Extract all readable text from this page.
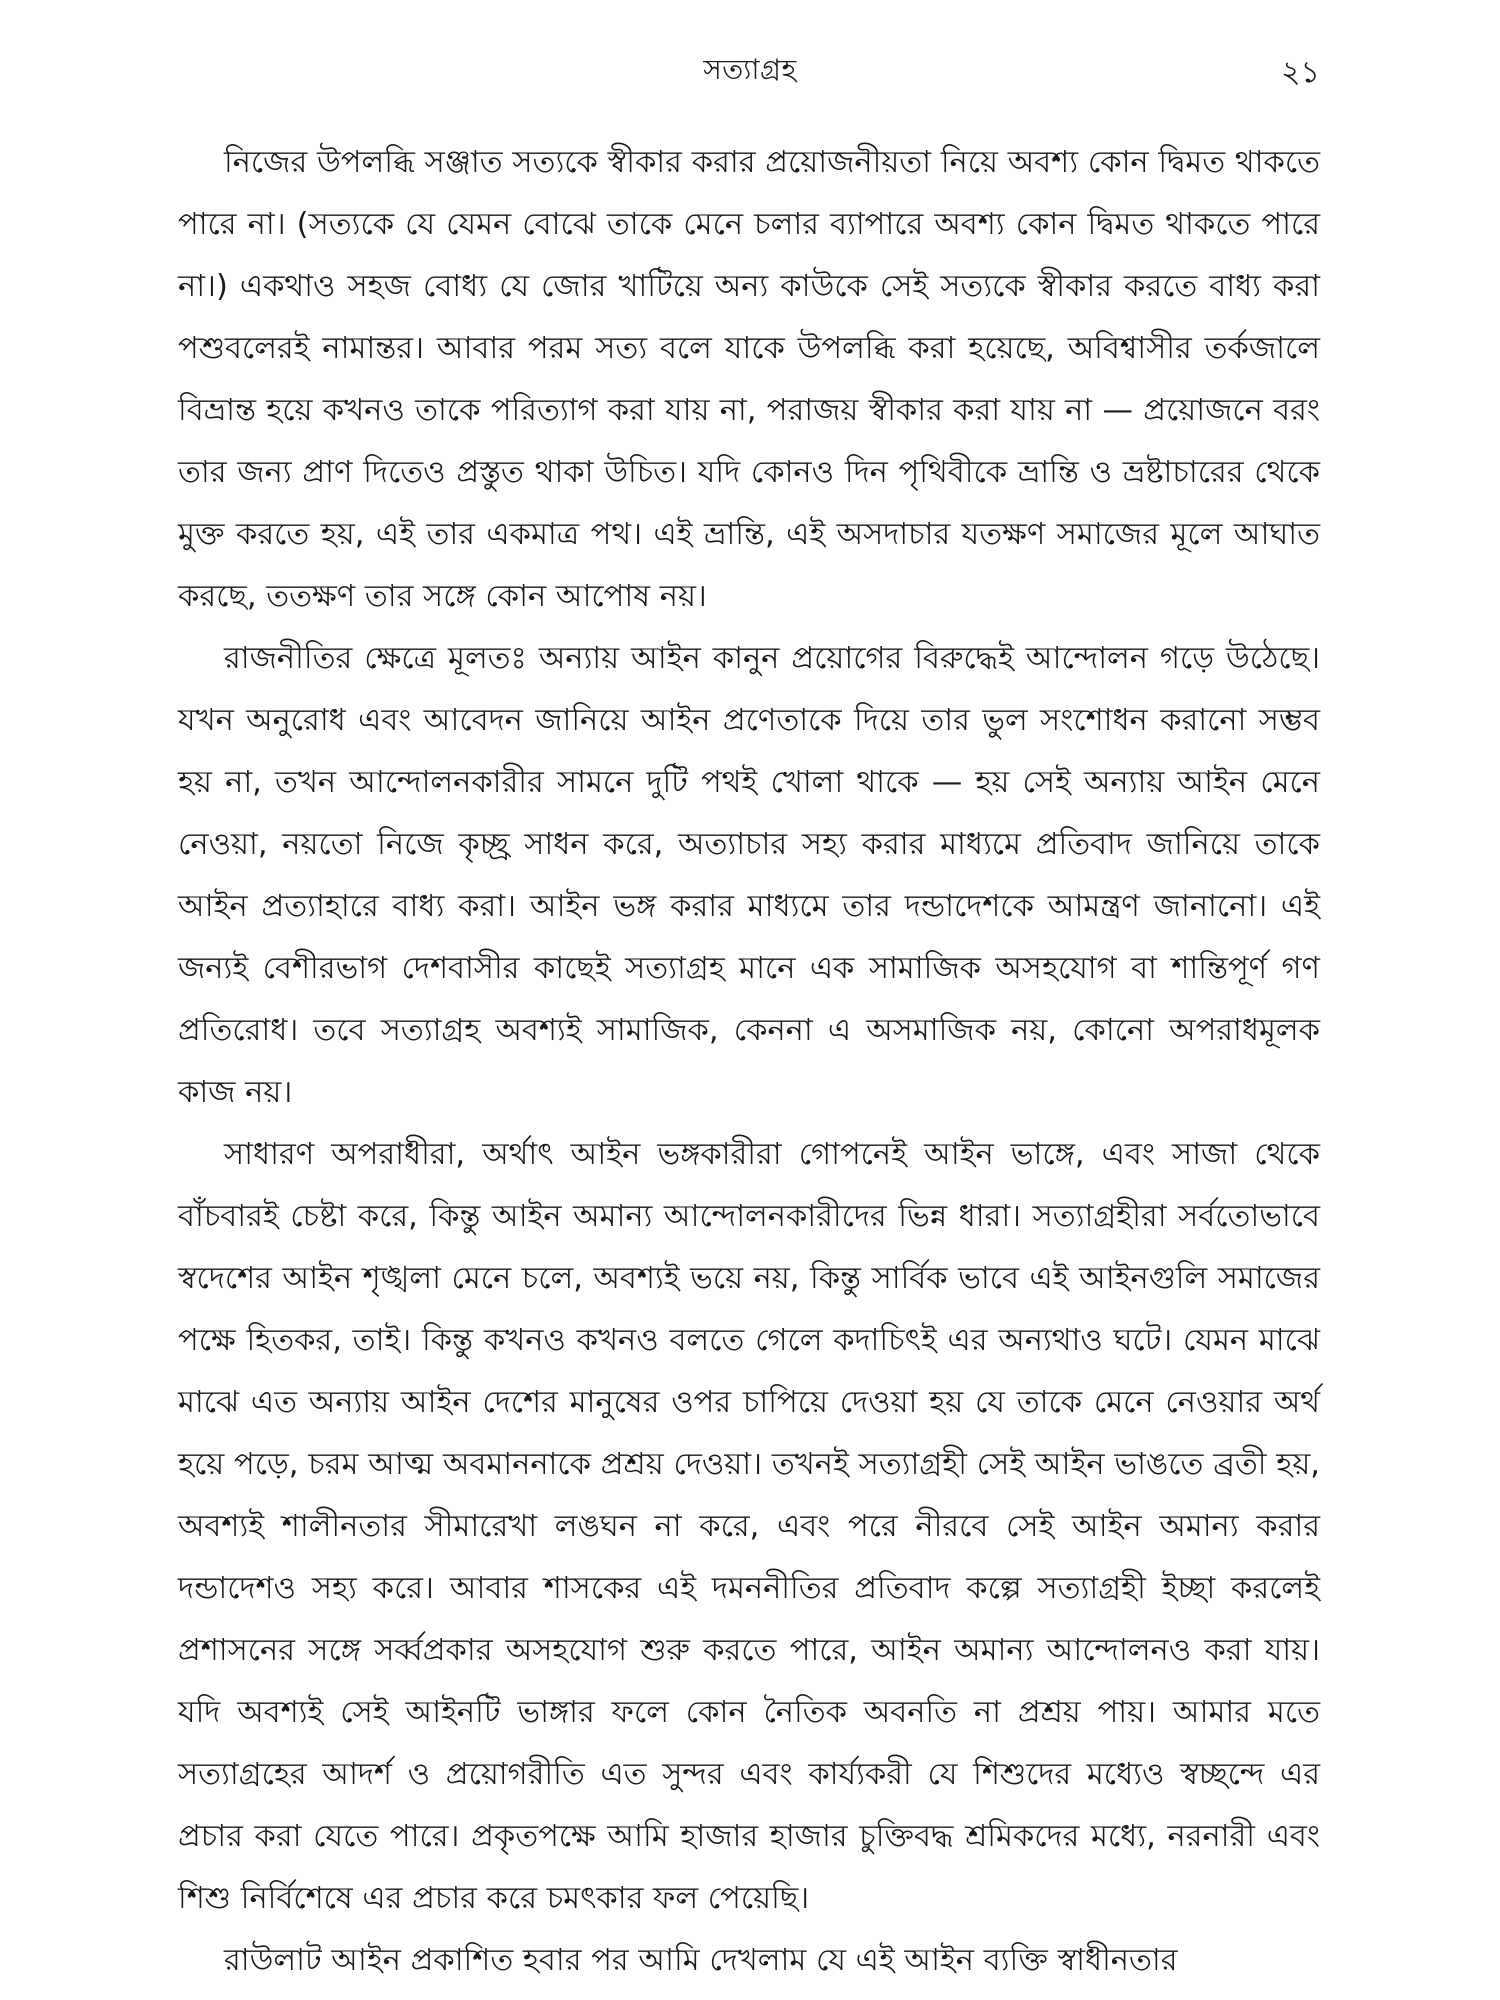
সত্যাগ্রহ	২১

নিজের উপলব্ধি সঞ্জাত সত্যকে স্বীকার করার প্রয়োজনীয়তা নিয়ে অবশ্য কোন দ্বিমত থাকতে পারে না। (সত্যকে যে যেমন বোঝে তাকে মেনে চলার ব্যাপারে অবশ্য কোন দ্বিমত থাকতে পারে না।) একথাও সহজ বোধ্য যে জোর খাটিয়ে অন্য কাউকে সেই সত্যকে স্বীকার করতে বাধ্য করা পশুবলেরই নামান্তর। আবার পরম সত্য বলে যাকে উপলব্ধি করা হয়েছে, অবিশ্বাসীর তর্কজালে বিভ্রান্ত হয়ে কখনও তাকে পরিত্যাগ করা যায় না, পরাজয় স্বীকার করা যায় না — প্রয়োজনে বরং তার জন্য প্রাণ দিতেও প্রস্তুত থাকা উচিত। যদি কোনও দিন পৃথিবীকে ভ্রান্তি ও ভ্রষ্টাচারের থেকে মুক্ত করতে হয়, এই তার একমাত্র পথ। এই ভ্রান্তি, এই অসদাচার যতক্ষণ সমাজের মূলে আঘাত করছে, ততক্ষণ তার সঙ্গে কোন আপোষ নয়।

রাজনীতির ক্ষেত্রে মূলতঃ অন্যায় আইন কানুন প্রয়োগের বিরুদ্ধেই আন্দোলন গড়ে উঠেছে। যখন অনুরোধ এবং আবেদন জানিয়ে আইন প্রণেতাকে দিয়ে তার ভুল সংশোধন করানো সম্ভব হয় না, তখন আন্দোলনকারীর সামনে দুটি পথই খোলা থাকে — হয় সেই অন্যায় আইন মেনে নেওয়া, নয়তো নিজে কৃচ্ছ্র সাধন করে, অত্যাচার সহ্য করার মাধ্যমে প্রতিবাদ জানিয়ে তাকে আইন প্রত্যাহারে বাধ্য করা। আইন ভঙ্গ করার মাধ্যমে তার দন্ডাদেশকে আমন্ত্রণ জানানো। এই জন্যই বেশীরভাগ দেশবাসীর কাছেই সত্যাগ্রহ মানে এক সামাজিক অসহযোগ বা শান্তিপূর্ণ গণ প্রতিরোধ। তবে সত্যাগ্রহ অবশ্যই সামাজিক, কেননা এ অসমাজিক নয়, কোনো অপরাধমূলক কাজ নয়।

সাধারণ অপরাধীরা, অর্থাৎ আইন ভঙ্গকারীরা গোপনেই আইন ভাঙ্গে, এবং সাজা থেকে বাঁচবারই চেষ্টা করে, কিন্তু আইন অমান্য আন্দোলনকারীদের ভিন্ন ধারা। সত্যাগ্রহীরা সর্বতোভাবে স্বদেশের আইন শৃঙ্খলা মেনে চলে, অবশ্যই ভয়ে নয়, কিন্তু সার্বিক ভাবে এই আইনগুলি সমাজের পক্ষে হিতকর, তাই। কিন্তু কখনও কখনও বলতে গেলে কদাচিৎই এর অন্যথাও ঘটে। যেমন মাঝে মাঝে এত অন্যায় আইন দেশের মানুষের ওপর চাপিয়ে দেওয়া হয় যে তাকে মেনে নেওয়ার অর্থ হয়ে পড়ে, চরম আত্ম অবমাননাকে প্রশ্রয় দেওয়া। তখনই সত্যাগ্রহী সেই আইন ভাঙতে ব্রতী হয়, অবশ্যই শালীনতার সীমারেখা লঙঘন না করে, এবং পরে নীরবে সেই আইন অমান্য করার দন্ডাদেশও সহ্য করে। আবার শাসকের এই দমননীতির প্রতিবাদ কল্পে সত্যাগ্রহী ইচ্ছা করলেই প্রশাসনের সঙ্গে সর্ব্বপ্রকার অসহযোগ শুরু করতে পারে, আইন অমান্য আন্দোলনও করা যায়। যদি অবশ্যই সেই আইনটি ভাঙ্গার ফলে কোন নৈতিক অবনতি না প্রশ্রয় পায়। আমার মতে সত্যাগ্রহের আদর্শ ও প্রয়োগরীতি এত সুন্দর এবং কার্য্যকরী যে শিশুদের মধ্যেও স্বচ্ছন্দে এর প্রচার করা যেতে পারে। প্রকৃতপক্ষে আমি হাজার হাজার চুক্তিবদ্ধ শ্রমিকদের মধ্যে, নরনারী এবং শিশু নির্বিশেষে এর প্রচার করে চমৎকার ফল পেয়েছি।

রাউলাট আইন প্রকাশিত হবার পর আমি দেখলাম যে এই আইন ব্যক্তি স্বাধীনতার
